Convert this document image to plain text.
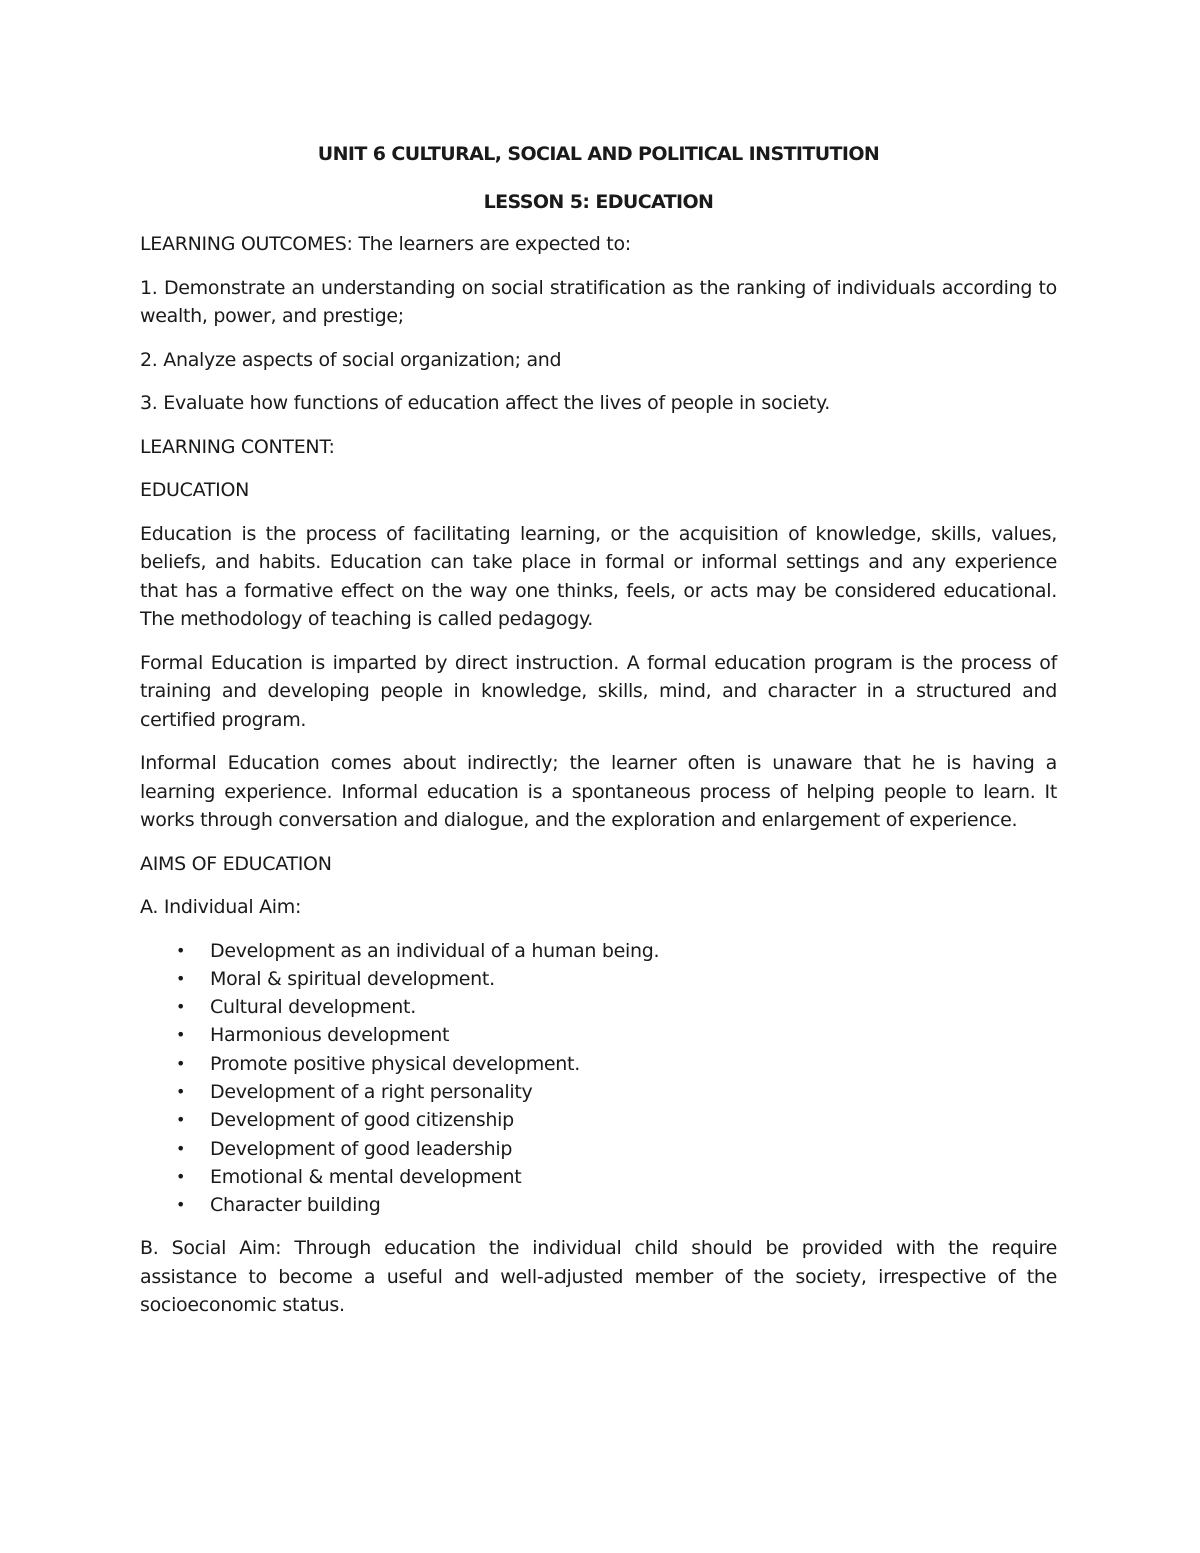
UNIT 6 CULTURAL, SOCIAL AND POLITICAL INSTITUTION
LESSON 5: EDUCATION

LEARNING OUTCOMES: The learners are expected to:

1. Demonstrate an understanding on social stratification as the ranking of individuals according to wealth, power, and prestige;

2. Analyze aspects of social organization; and

3. Evaluate how functions of education affect the lives of people in society.

LEARNING CONTENT:

EDUCATION

Education is the process of facilitating learning, or the acquisition of knowledge, skills, values, beliefs, and habits. Education can take place in formal or informal settings and any experience that has a formative effect on the way one thinks, feels, or acts may be considered educational. The methodology of teaching is called pedagogy.

Formal Education is imparted by direct instruction. A formal education program is the process of training and developing people in knowledge, skills, mind, and character in a structured and certified program.

Informal Education comes about indirectly; the learner often is unaware that he is having a learning experience. Informal education is a spontaneous process of helping people to learn. It works through conversation and dialogue, and the exploration and enlargement of experience.

AIMS OF EDUCATION

A. Individual Aim:

• Development as an individual of a human being.
• Moral & spiritual development.
• Cultural development.
• Harmonious development
• Promote positive physical development.
• Development of a right personality
• Development of good citizenship
• Development of good leadership
• Emotional & mental development
• Character building

B. Social Aim: Through education the individual child should be provided with the require assistance to become a useful and well-adjusted member of the society, irrespective of the socioeconomic status.
